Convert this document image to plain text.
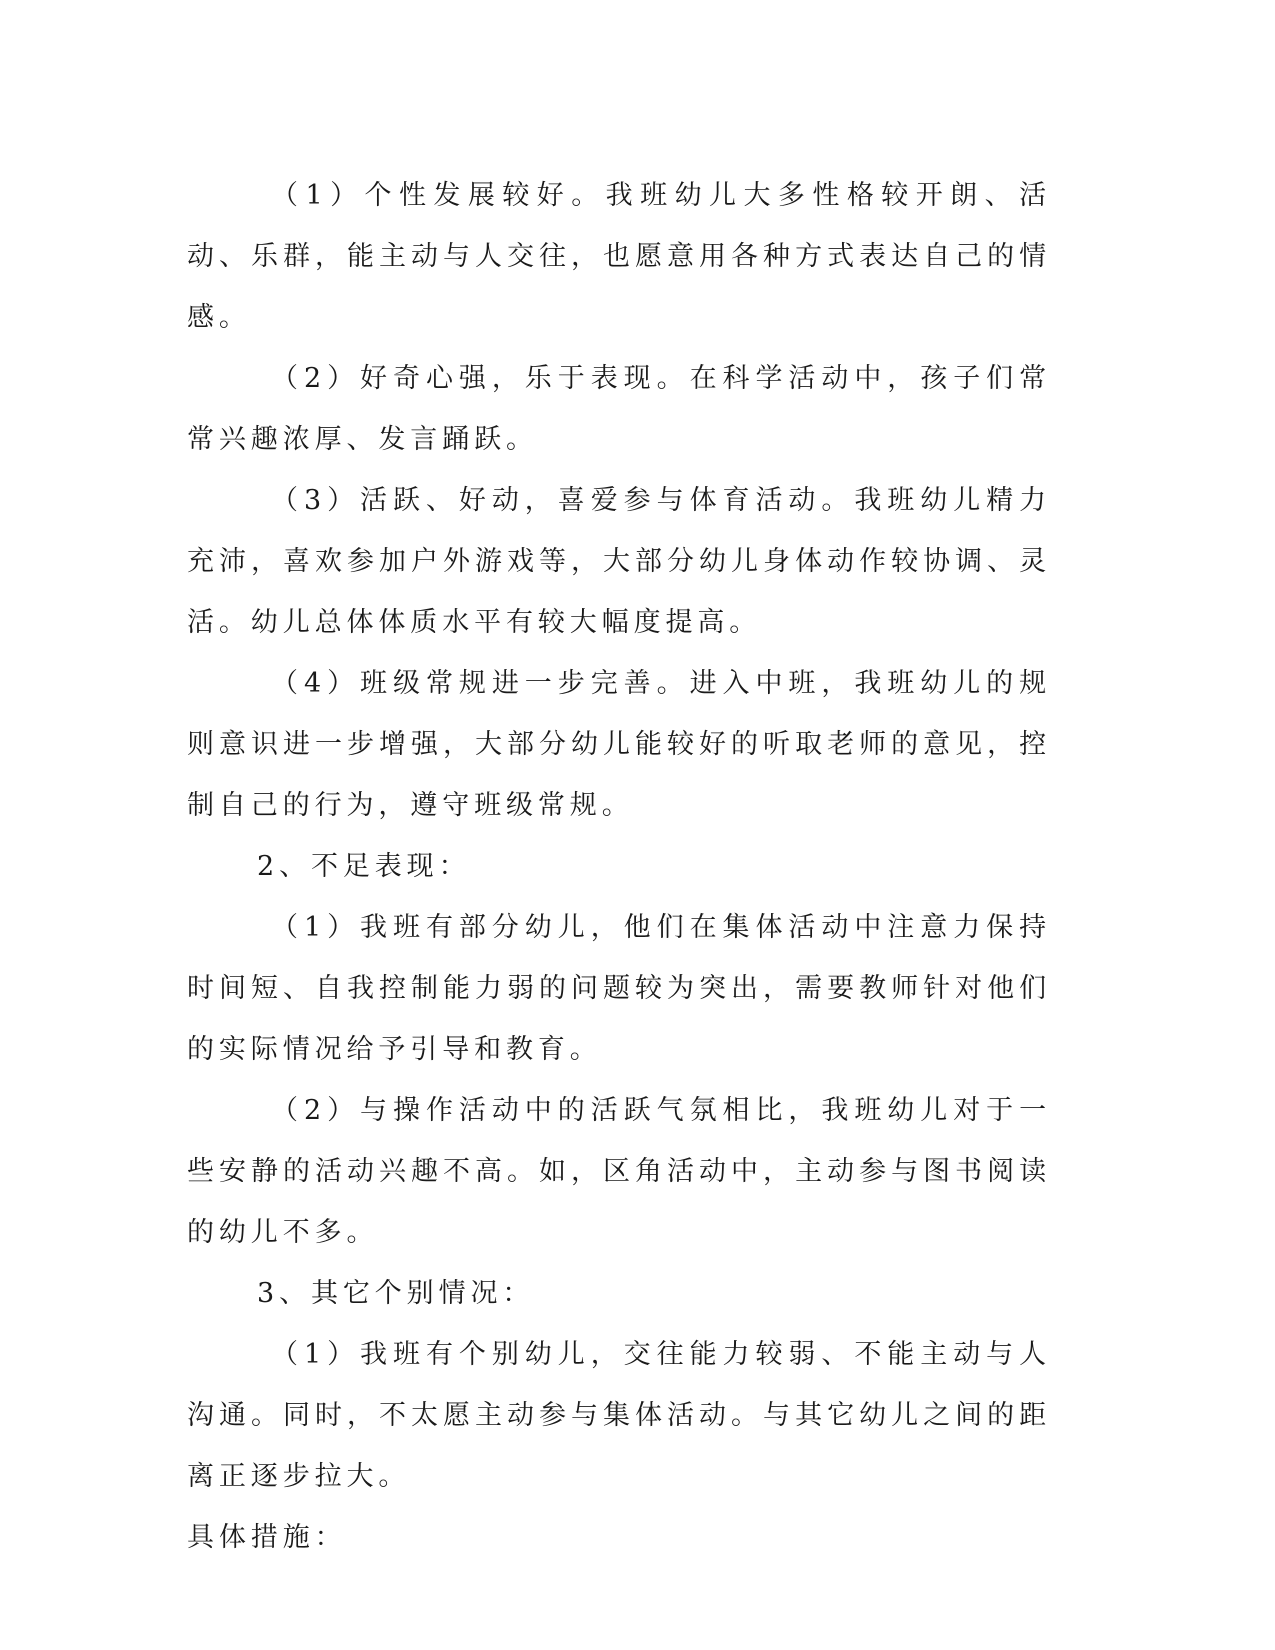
（1）个性发展较好。我班幼儿大多性格较开朗、活动、乐群，能主动与人交往，也愿意用各种方式表达自己的情感。

（2）好奇心强，乐于表现。在科学活动中，孩子们常常兴趣浓厚、发言踊跃。

（3）活跃、好动，喜爱参与体育活动。我班幼儿精力充沛，喜欢参加户外游戏等，大部分幼儿身体动作较协调、灵活。幼儿总体体质水平有较大幅度提高。

（4）班级常规进一步完善。进入中班，我班幼儿的规则意识进一步增强，大部分幼儿能较好的听取老师的意见，控制自己的行为，遵守班级常规。

2、不足表现：

（1）我班有部分幼儿，他们在集体活动中注意力保持时间短、自我控制能力弱的问题较为突出，需要教师针对他们的实际情况给予引导和教育。

（2）与操作活动中的活跃气氛相比，我班幼儿对于一些安静的活动兴趣不高。如，区角活动中，主动参与图书阅读的幼儿不多。

3、其它个别情况：

（1）我班有个别幼儿，交往能力较弱、不能主动与人沟通。同时，不太愿主动参与集体活动。与其它幼儿之间的距离正逐步拉大。

具体措施：
